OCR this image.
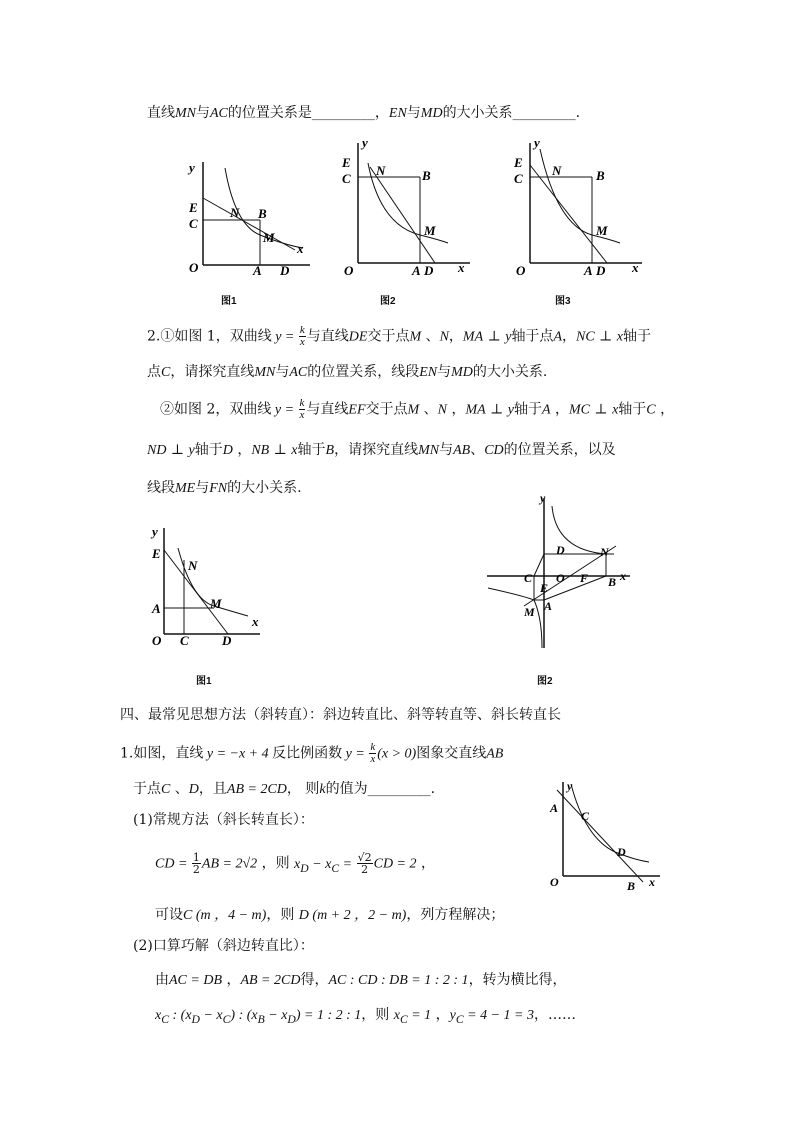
直线MN与AC的位置关系是_________，EN与MD的大小关系_________.
y
E
C
N B
M
x
O	A D
图1
y
E
C
N	B
M
x
O	A D
图2
y
E
C
N	B
M
x
O	A D
图3
2.①如图 1，双曲线 $y = \frac{k}{x}$ 与直线DE交于点M 、N，MA ⊥ y轴于点A，NC ⊥ x轴于
点C，请探究直线MN与AC的位置关系，线段EN与MD的大小关系.
②如图 2，双曲线 $y = \frac{k}{x}$ 与直线EF交于点M 、N ，MA ⊥ y轴于A ，MC ⊥ x轴于C ，
ND ⊥ y轴于D ，NB ⊥ x轴于B，请探究直线MN与AB、CD的位置关系，以及
线段ME与FN的大小关系.
y
E
N
A	M
x
O C	D
图1
y
D	N
C
E
O F B x
A
M
图2
四、最常见思想方法（斜转直）：斜边转直比、斜等转直等、斜长转直长
1.如图，直线 y = −x + 4 反比例函数 $y = \frac{k}{x} (x > 0)$图象交直线AB
于点C 、D，且AB = 2CD， 则k的值为_________.
(1)常规方法（斜长转直长）：
CD = $\frac{1}{2}$ AB = 2√2 ，则 $x_D - x_C = \frac{√2}{2}$ CD = 2 ，
可设C (m ，4 − m)，则 D (m + 2 ，2 − m)，列方程解决；
(2)口算巧解（斜边转直比）：
由AC = DB ，AB = 2CD得，AC : CD : DB = 1 : 2 : 1，转为横比得，
$x_C$ : $(x_D - x_C)$ : $(x_B - x_D) = 1$ : 2 : 1，则 $x_C = 1$ ，$y_C = 4 - 1 = 3$，……
y
A
C
D
x
O	B
